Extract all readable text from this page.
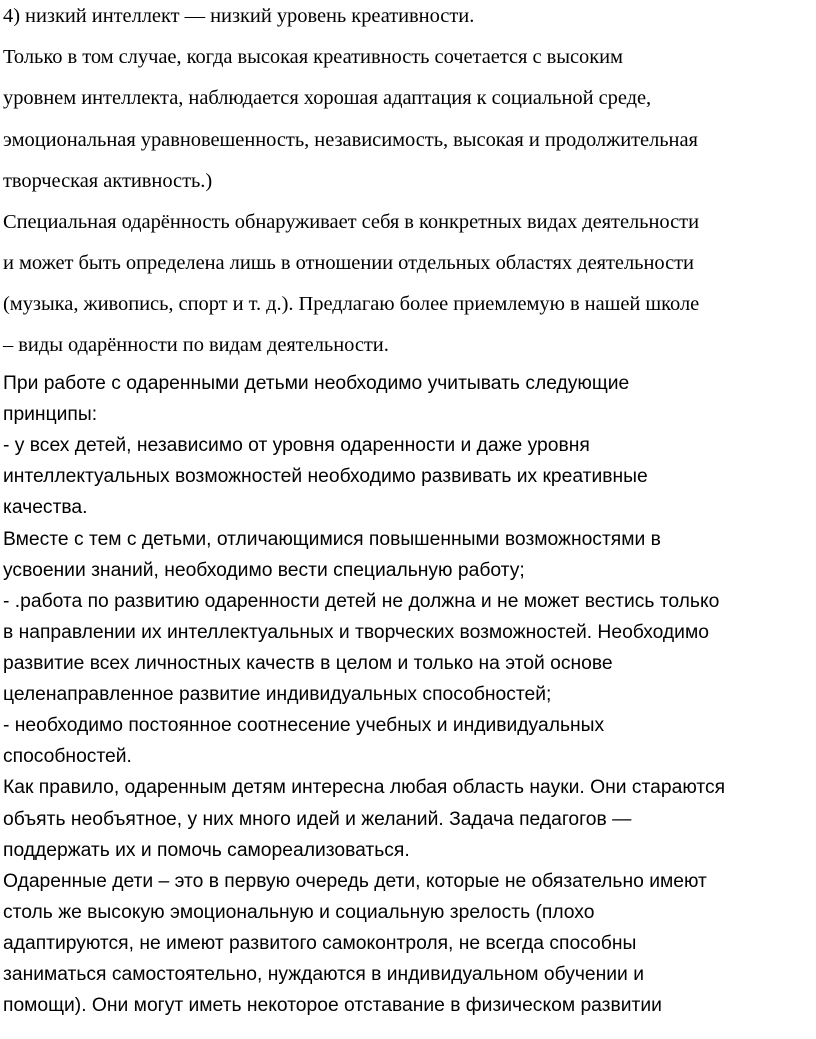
4) низкий интеллект — низкий уровень креативности.
Только в том случае, когда высокая креативность сочетается с высоким
уровнем интеллекта, наблюдается хорошая адаптация к социальной среде,
эмоциональная уравновешенность, независимость, высокая и продолжительная
творческая активность.)
Специальная одарённость обнаруживает себя в конкретных видах деятельности
и может быть определена лишь в отношении отдельных областях деятельности
(музыка, живопись, спорт и т. д.). Предлагаю более приемлемую в нашей школе
– виды одарённости по видам деятельности.
При работе с одаренными детьми необходимо учитывать следующие
принципы:
- у всех детей, независимо от уровня одаренности и даже уровня
интеллектуальных возможностей необходимо развивать их креативные
качества.
Вместе с тем с детьми, отличающимися повышенными возможностями в
усвоении знаний, необходимо вести специальную работу;
- .работа по развитию одаренности детей не должна и не может вестись только
в направлении их интеллектуальных и творческих возможностей. Необходимо
развитие всех личностных качеств в целом и только на этой основе
целенаправленное развитие индивидуальных способностей;
- необходимо постоянное соотнесение учебных и индивидуальных
способностей.
Как правило, одаренным детям интересна любая область науки. Они стараются
объять необъятное, у них много идей и желаний. Задача педагогов —
поддержать их и помочь самореализоваться.
Одаренные дети – это в первую очередь дети, которые не обязательно имеют
столь же высокую эмоциональную и социальную зрелость (плохо
адаптируются, не имеют развитого самоконтроля, не всегда способны
заниматься самостоятельно, нуждаются в индивидуальном обучении и
помощи). Они могут иметь некоторое отставание в физическом развитии
